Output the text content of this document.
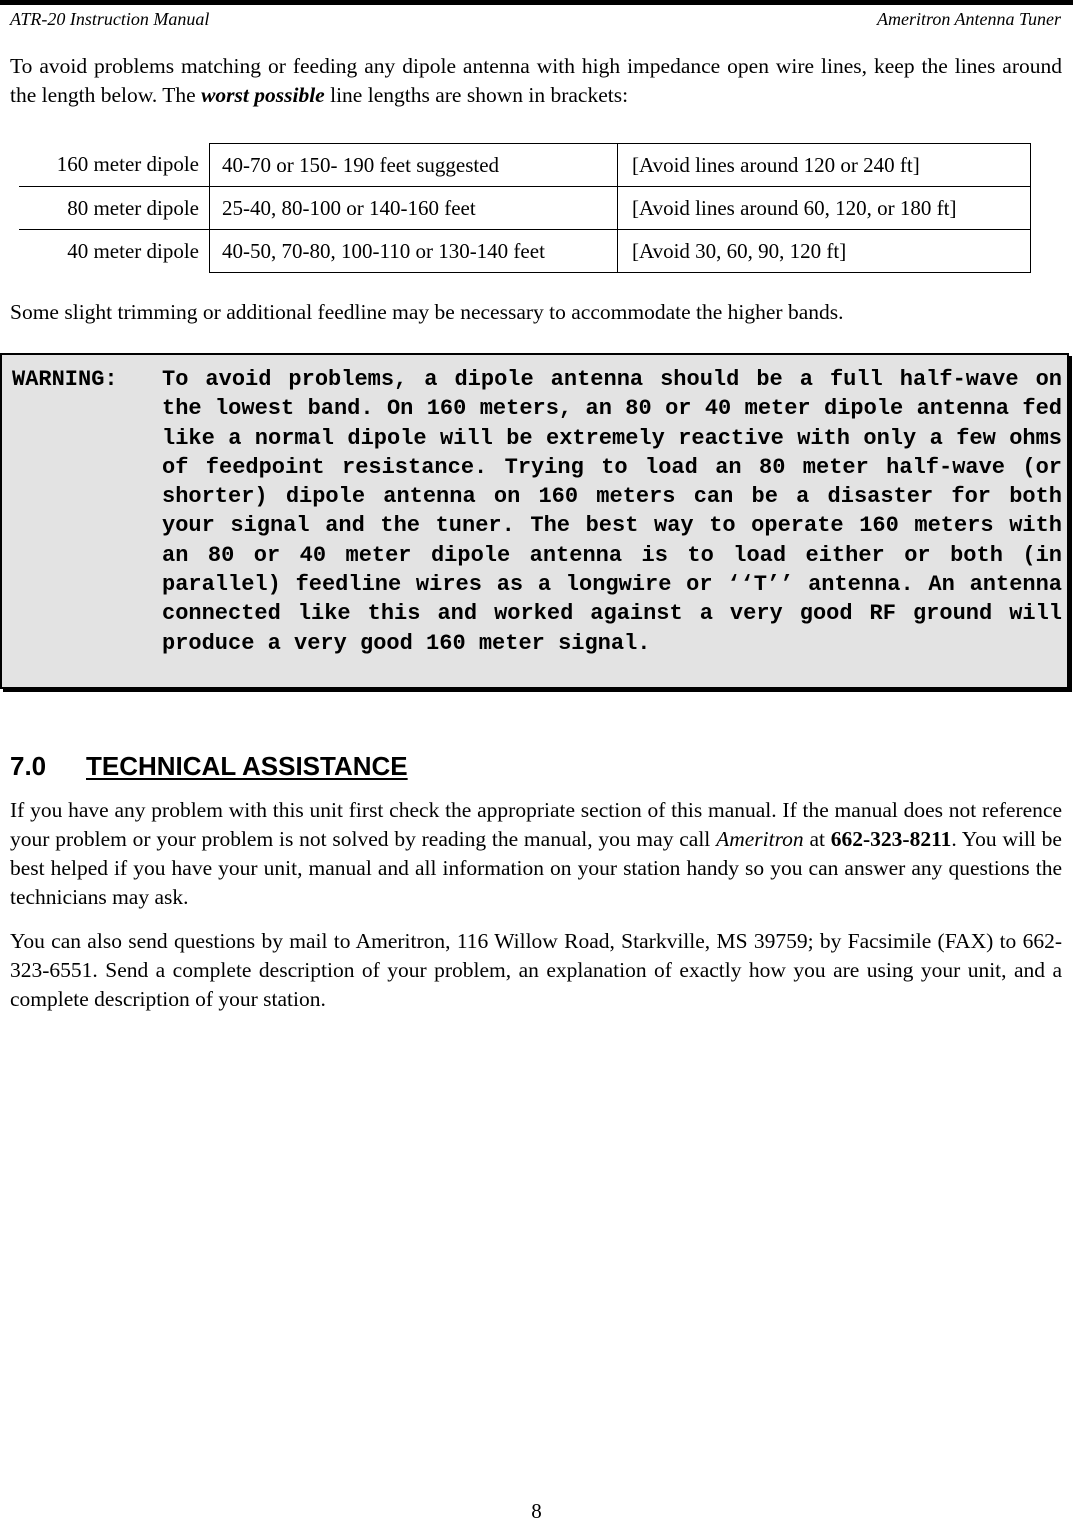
ATR-20 Instruction Manual	Ameritron Antenna Tuner

To avoid problems matching or feeding any dipole antenna with high impedance open wire lines, keep the lines around the length below. The worst possible line lengths are shown in brackets:

160 meter dipole	40-70 or 150- 190 feet suggested	[Avoid lines around 120 or 240 ft]
80 meter dipole	25-40, 80-100 or 140-160 feet	[Avoid lines around 60, 120, or 180 ft]
40 meter dipole	40-50, 70-80, 100-110 or 130-140 feet	[Avoid 30, 60, 90, 120 ft]

Some slight trimming or additional feedline may be necessary to accommodate the higher bands.

WARNING: To avoid problems, a dipole antenna should be a full half-wave on the lowest band. On 160 meters, an 80 or 40 meter dipole antenna fed like a normal dipole will be extremely reactive with only a few ohms of feedpoint resistance. Trying to load an 80 meter half-wave (or shorter) dipole antenna on 160 meters can be a disaster for both your signal and the tuner. The best way to operate 160 meters with an 80 or 40 meter dipole antenna is to load either or both (in parallel) feedline wires as a longwire or ‘‘T’’ antenna. An antenna connected like this and worked against a very good RF ground will produce a very good 160 meter signal.
7.0 TECHNICAL ASSISTANCE

If you have any problem with this unit first check the appropriate section of this manual. If the manual does not reference your problem or your problem is not solved by reading the manual, you may call Ameritron at 662-323-8211. You will be best helped if you have your unit, manual and all information on your station handy so you can answer any questions the technicians may ask.

You can also send questions by mail to Ameritron, 116 Willow Road, Starkville, MS 39759; by Facsimile (FAX) to 662-323-6551. Send a complete description of your problem, an explanation of exactly how you are using your unit, and a complete description of your station.

8
